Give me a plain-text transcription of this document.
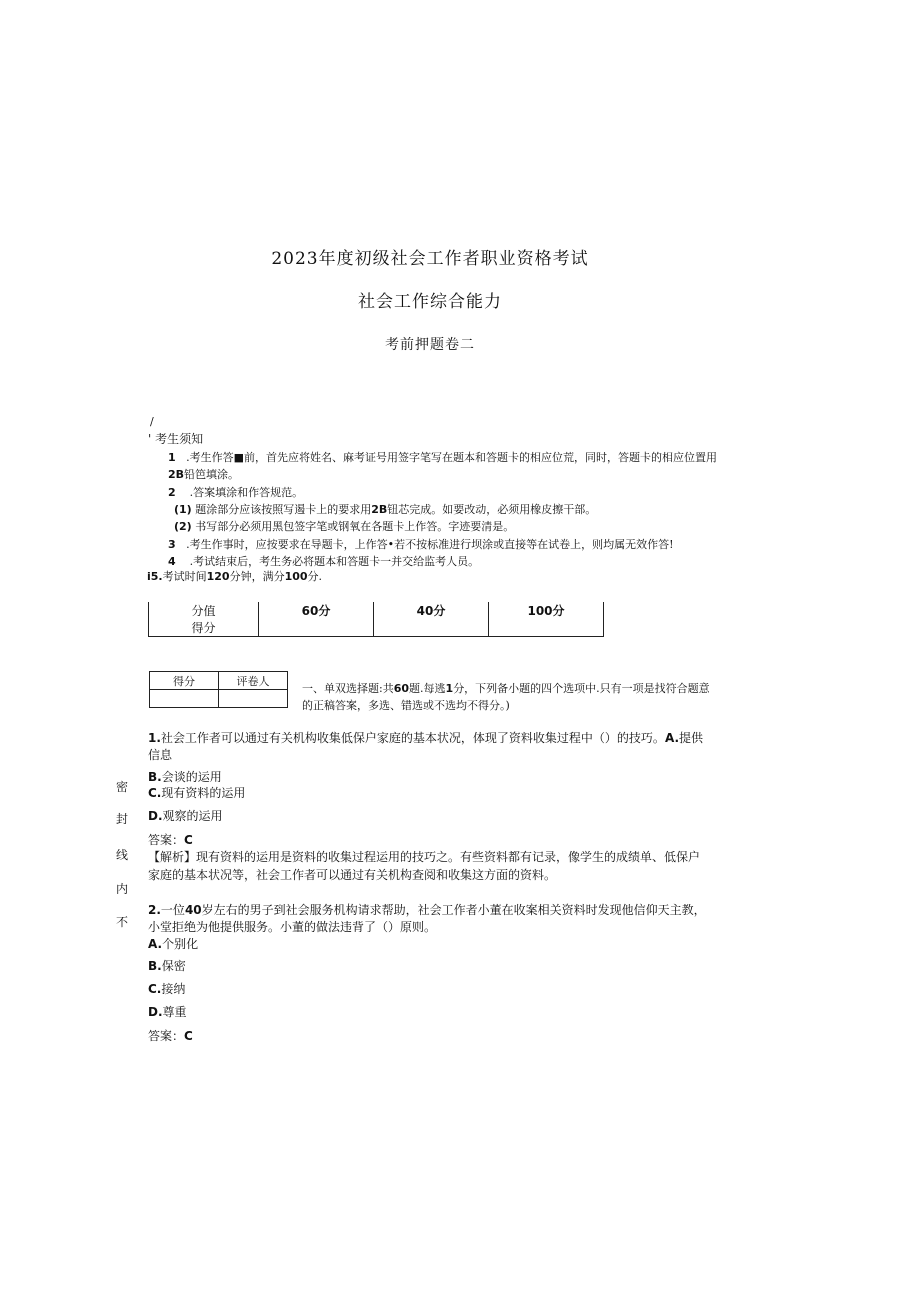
2023年度初级社会工作者职业资格考试
社会工作综合能力
考前押题卷二
/
' 考生须知
1 .考生作答■前，首先应将姓名、麻考证号用签字笔写在题本和答题卡的相应位荒，同时，答题卡的相应位置用
2B铅笆填涂。
2 .答案填涂和作答规范。
(1) 题涂部分应该按照写遏卡上的要求用2B钮芯完成。如要改动，必须用橡皮擦干部。
(2) 书写部分必须用黑包签字笔或钢氧在各题卡上作答。字迹要清是。
3 .考生作事时，应按要求在导题卡，上作答•若不按标准进行坝涂或直接等在试卷上，则均属无效作答!
4 .考试结束后，考生务必将题本和答题卡一并交给监考人员。
i5.考试时间120分钟，满分100分.
分值	60分	40分	100分
得分			
得分	评卷人

一、单双选择题:共60题.每逃1分，下列备小题的四个选项中.只有一项是找符合题意
的正稿答案，多选、错选或不选均不得分。)
密
封
线
内
不
1.社会工作者可以通过有关机构收集低保户家庭的基本状况，体现了资料收集过程中（）的技巧。A.提供
信息
B.会谈的运用
C.现有资料的运用
D.观察的运用
答案：C
【解析】现有资料的运用是资料的收集过程运用的技巧之。有些资料都有记录，像学生的成绩单、低保户
家庭的基本状况等，社会工作者可以通过有关机构查阅和收集这方面的资料。
2.一位40岁左右的男子到社会服务机构请求帮助，社会工作者小董在收案相关资料时发现他信仰天主教，
小堂拒绝为他提供服务。小董的做法违背了（）原则。
A.个别化
B.保密
C.接纳
D.尊重
答案：C
